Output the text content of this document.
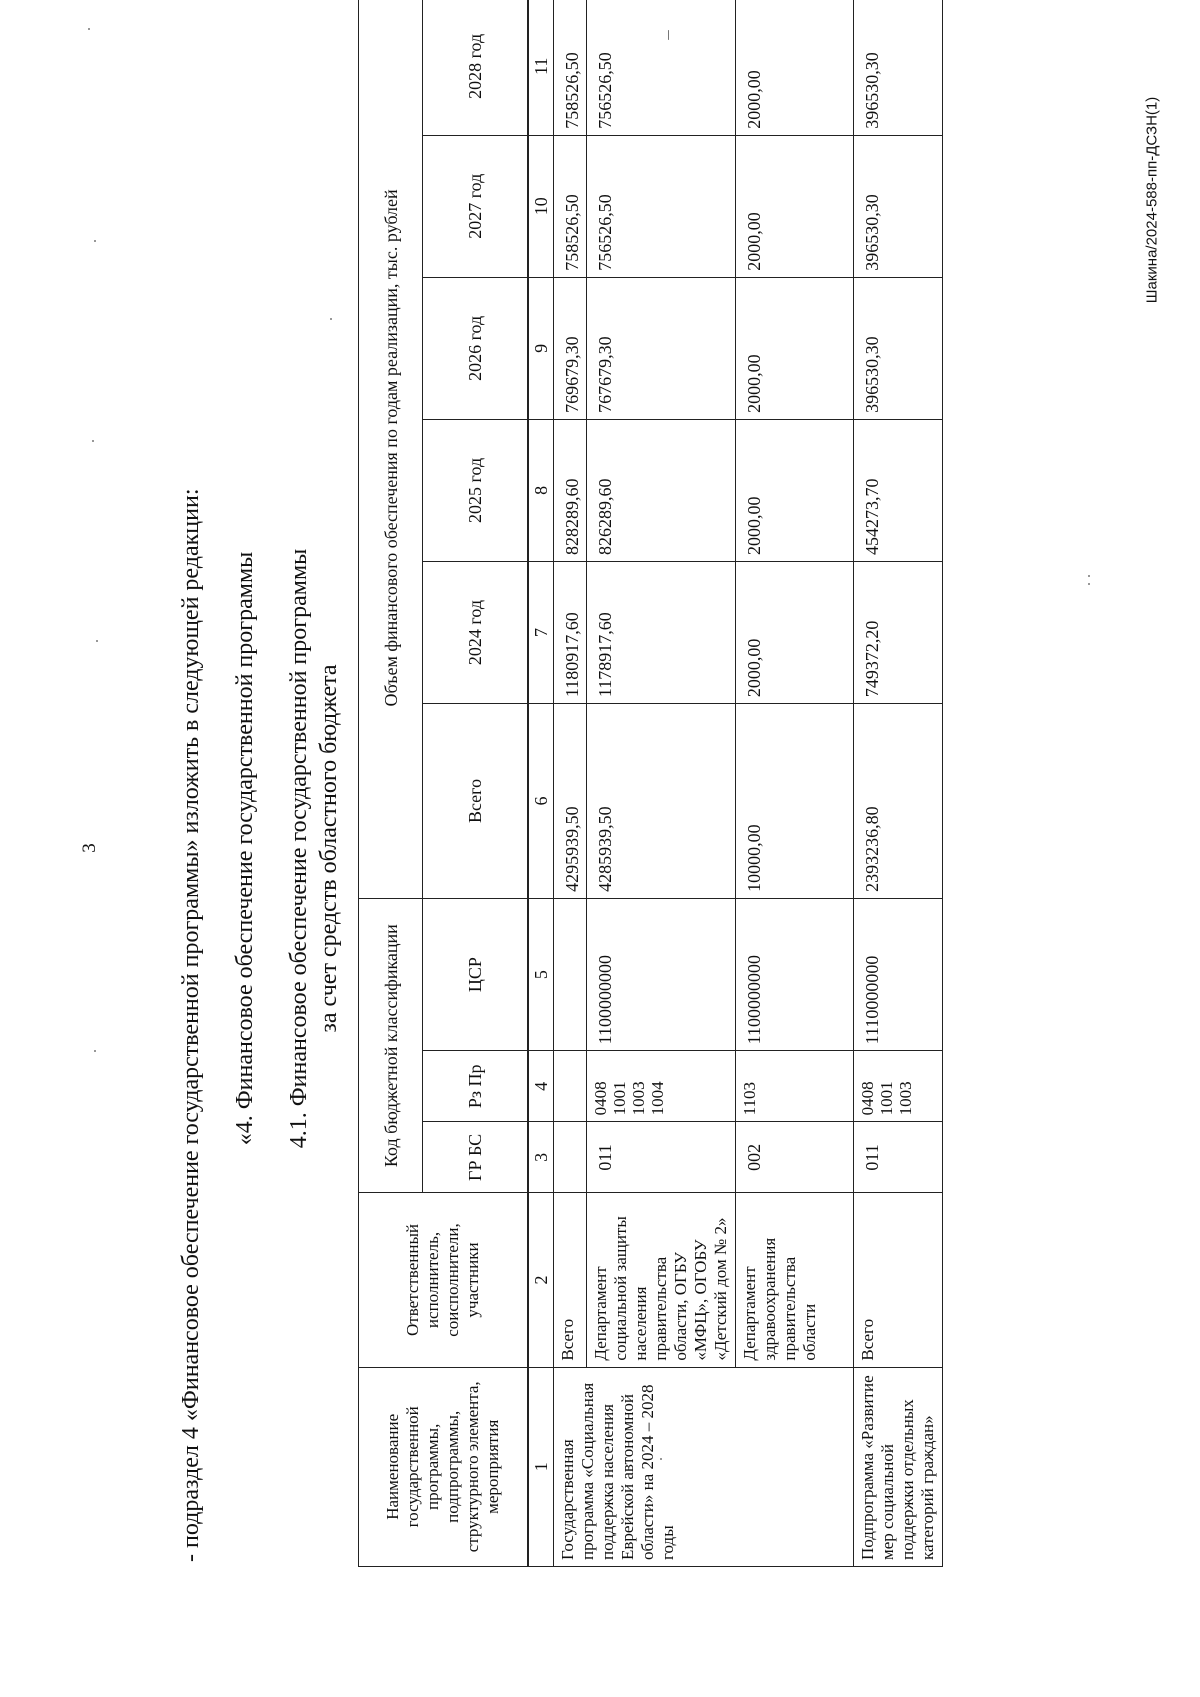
3
Шакина/2024-588-пп-ДСЗН(1)
- подраздел 4 «Финансовое обеспечение государственной программы» изложить в следующей редакции: «4. Финансовое обеспечение государственной программы 4.1. Финансовое обеспечение государственной программы за счет средств областного бюджета
Наименование государственной программы, подпрограммы, структурного элемента, мероприятия	Ответственный исполнитель, соисполнители, участники	Код бюджетной классификации			Объем финансового обеспечения по годам реализации, тыс. рублей					
		ГР БС	Рз Пр	ЦСР	Всего	2024 год	2025 год	2026 год	2027 год	2028 год

1	2	3	4	5	6	7	8	9	10	11
Государственная программа «Социальная поддержка населения Еврейской автономной области» на 2024 – 2028 годы	Всего				4295939,50	1180917,60	828289,60	769679,30	758526,50	758526,50
	Департамент социальной защиты населения правительства области, ОГБУ «МФЦ», ОГОБУ «Детский дом № 2»	011	0408 1001 1003 1004	1100000000	4285939,50	1178917,60	826289,60	767679,30	756526,50	756526,50
	Департамент здравоохранения правительства области	002	1103	1100000000	10000,00	2000,00	2000,00	2000,00	2000,00	2000,00
Подпрограмма «Развитие мер социальной поддержки отдельных категорий граждан»	Всего	011	0408 1001 1003	1110000000	2393236,80	749372,20	454273,70	396530,30	396530,30	396530,30
